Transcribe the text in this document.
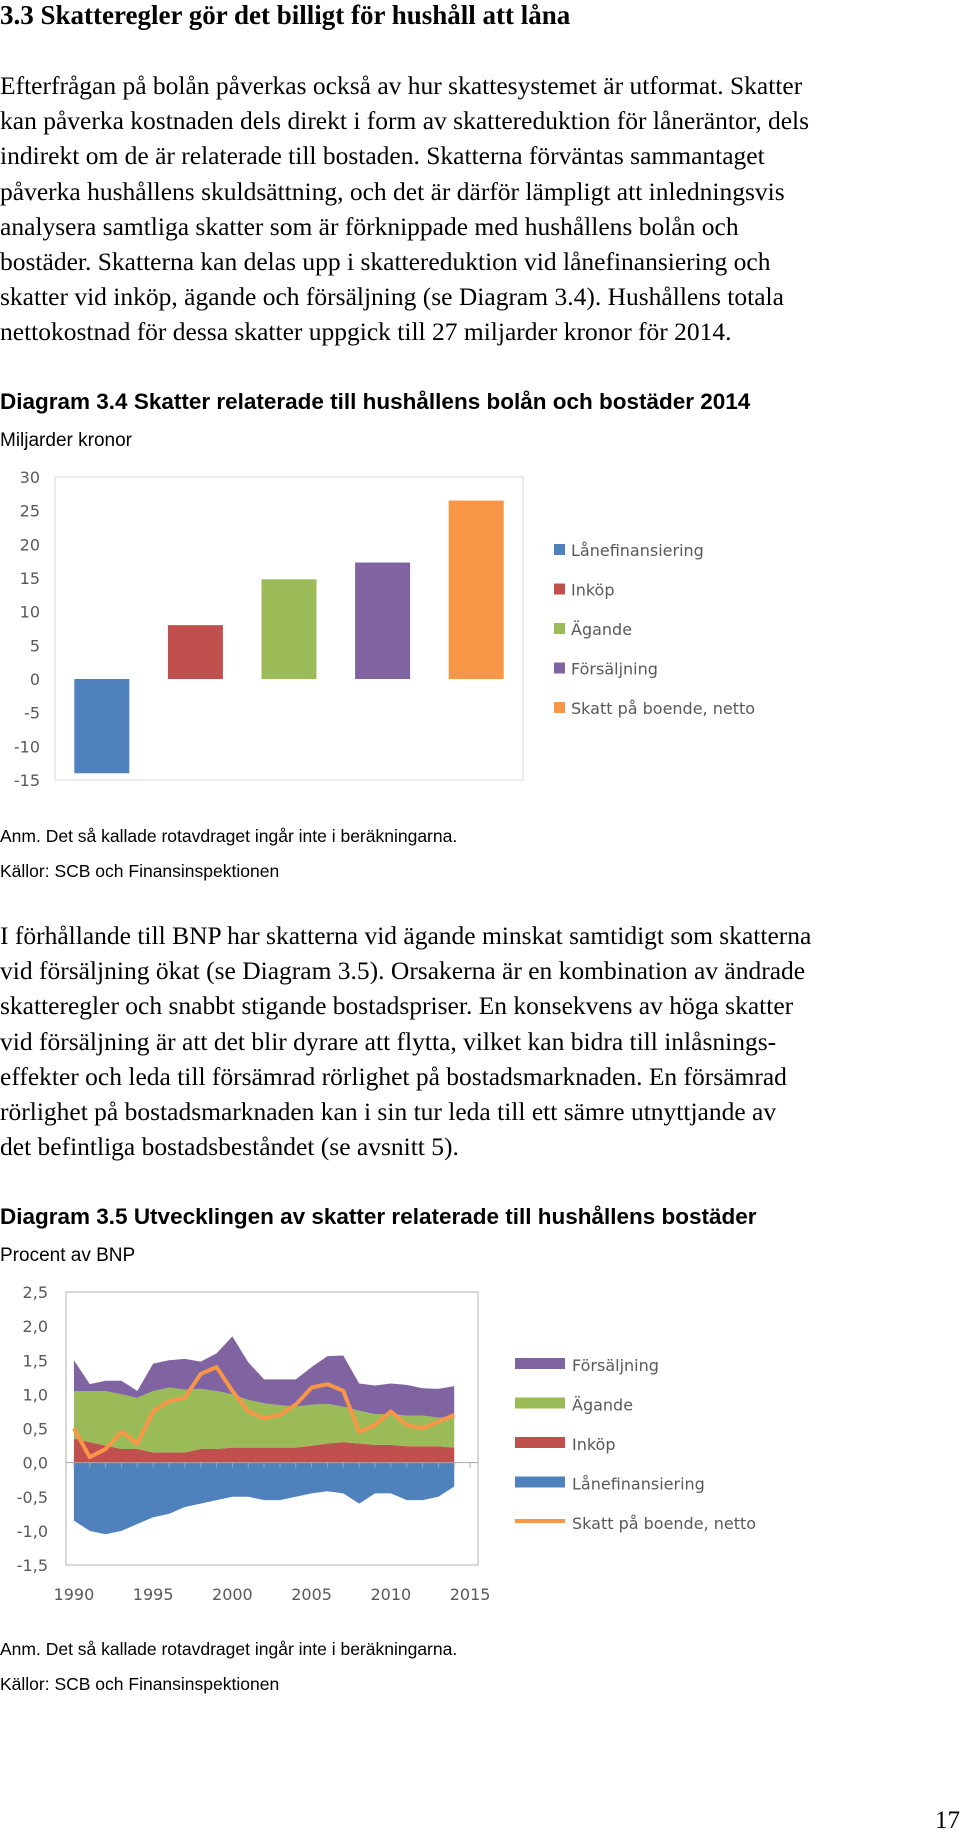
3.3 Skatteregler gör det billigt för hushåll att låna
Efterfrågan på bolån påverkas också av hur skattesystemet är utformat. Skatter
kan påverka kostnaden dels direkt i form av skattereduktion för låneräntor, dels
indirekt om de är relaterade till bostaden. Skatterna förväntas sammantaget
påverka hushållens skuldsättning, och det är därför lämpligt att inledningsvis
analysera samtliga skatter som är förknippade med hushållens bolån och
bostäder. Skatterna kan delas upp i skattereduktion vid lånefinansiering och
skatter vid inköp, ägande och försäljning (se Diagram 3.4). Hushållens totala
nettokostnad för dessa skatter uppgick till 27 miljarder kronor för 2014.
Diagram 3.4 Skatter relaterade till hushållens bolån och bostäder 2014
Miljarder kronor
30
25
20
15
10
5
0
-5
-10
-15
Lånefinansiering
Inköp
Ägande
Försäljning
Skatt på boende, netto
Anm. Det så kallade rotavdraget ingår inte i beräkningarna.
Källor: SCB och Finansinspektionen
I förhållande till BNP har skatterna vid ägande minskat samtidigt som skatterna
vid försäljning ökat (se Diagram 3.5). Orsakerna är en kombination av ändrade
skatteregler och snabbt stigande bostadspriser. En konsekvens av höga skatter
vid försäljning är att det blir dyrare att flytta, vilket kan bidra till inlåsnings-
effekter och leda till försämrad rörlighet på bostadsmarknaden. En försämrad
rörlighet på bostadsmarknaden kan i sin tur leda till ett sämre utnyttjande av
det befintliga bostadsbeståndet (se avsnitt 5).
Diagram 3.5 Utvecklingen av skatter relaterade till hushållens bostäder
Procent av BNP
2,5
2,0
1,5
1,0
0,5
0,0
-0,5
-1,0
-1,5
1990 1995 2000 2005 2010 2015
Försäljning
Ägande
Inköp
Lånefinansiering
Skatt på boende, netto
Anm. Det så kallade rotavdraget ingår inte i beräkningarna.
Källor: SCB och Finansinspektionen
17
